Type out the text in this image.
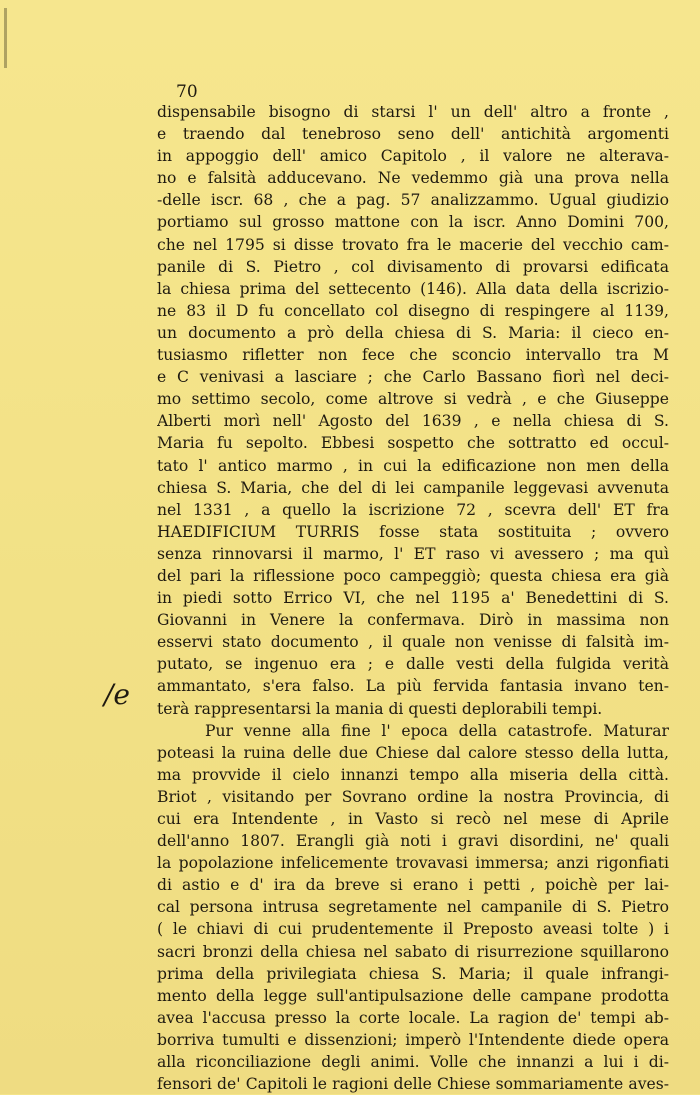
70
/e
dispensabile bisogno di starsi l' un dell' altro a fronte ,
e traendo dal tenebroso seno dell' antichità argomenti
in appoggio dell' amico Capitolo , il valore ne alterava-
no e falsità adducevano. Ne vedemmo già una prova nella
-delle iscr. 68 , che a pag. 57 analizzammo. Ugual giudizio
portiamo sul grosso mattone con la iscr. Anno Domini 700,
che nel 1795 si disse trovato fra le macerie del vecchio cam-
panile di S. Pietro , col divisamento di provarsi edificata
la chiesa prima del settecento (146). Alla data della iscrizio-
ne 83 il D fu concellato col disegno di respingere al 1139,
un documento a prò della chiesa di S. Maria: il cieco en-
tusiasmo rifletter non fece che sconcio intervallo tra M
e C venivasi a lasciare ; che Carlo Bassano fiorì nel deci-
mo settimo secolo, come altrove si vedrà , e che Giuseppe
Alberti morì nell' Agosto del 1639 , e nella chiesa di S.
Maria fu sepolto. Ebbesi sospetto che sottratto ed occul-
tato l' antico marmo , in cui la edificazione non men della
chiesa S. Maria, che del di lei campanile leggevasi avvenuta
nel 1331 , a quello la iscrizione 72 , scevra dell' ET fra
HAEDIFICIUM TURRIS fosse stata sostituita ; ovvero
senza rinnovarsi il marmo, l' ET raso vi avessero ; ma quì
del pari la riflessione poco campeggiò; questa chiesa era già
in piedi sotto Errico VI, che nel 1195 a' Benedettini di S.
Giovanni in Venere la confermava. Dirò in massima non
esservi stato documento , il quale non venisse di falsità im-
putato, se ingenuo era ; e dalle vesti della fulgida verità
ammantato, s'era falso. La più fervida fantasia invano ten-
terà rappresentarsi la mania di questi deplorabili tempi.
Pur venne alla fine l' epoca della catastrofe. Maturar
poteasi la ruina delle due Chiese dal calore stesso della lutta,
ma provvide il cielo innanzi tempo alla miseria della città.
Briot , visitando per Sovrano ordine la nostra Provincia, di
cui era Intendente , in Vasto si recò nel mese di Aprile
dell'anno 1807. Erangli già noti i gravi disordini, ne' quali
la popolazione infelicemente trovavasi immersa; anzi rigonfiati
di astio e d' ira da breve si erano i petti , poichè per lai-
cal persona intrusa segretamente nel campanile di S. Pietro
( le chiavi di cui prudentemente il Preposto aveasi tolte ) i
sacri bronzi della chiesa nel sabato di risurrezione squillarono
prima della privilegiata chiesa S. Maria; il quale infrangi-
mento della legge sull'antipulsazione delle campane prodotta
avea l'accusa presso la corte locale. La ragion de' tempi ab-
borriva tumulti e dissenzioni; imperò l'Intendente diede opera
alla riconciliazione degli animi. Volle che innanzi a lui i di-
fensori de' Capitoli le ragioni delle Chiese sommariamente aves-
